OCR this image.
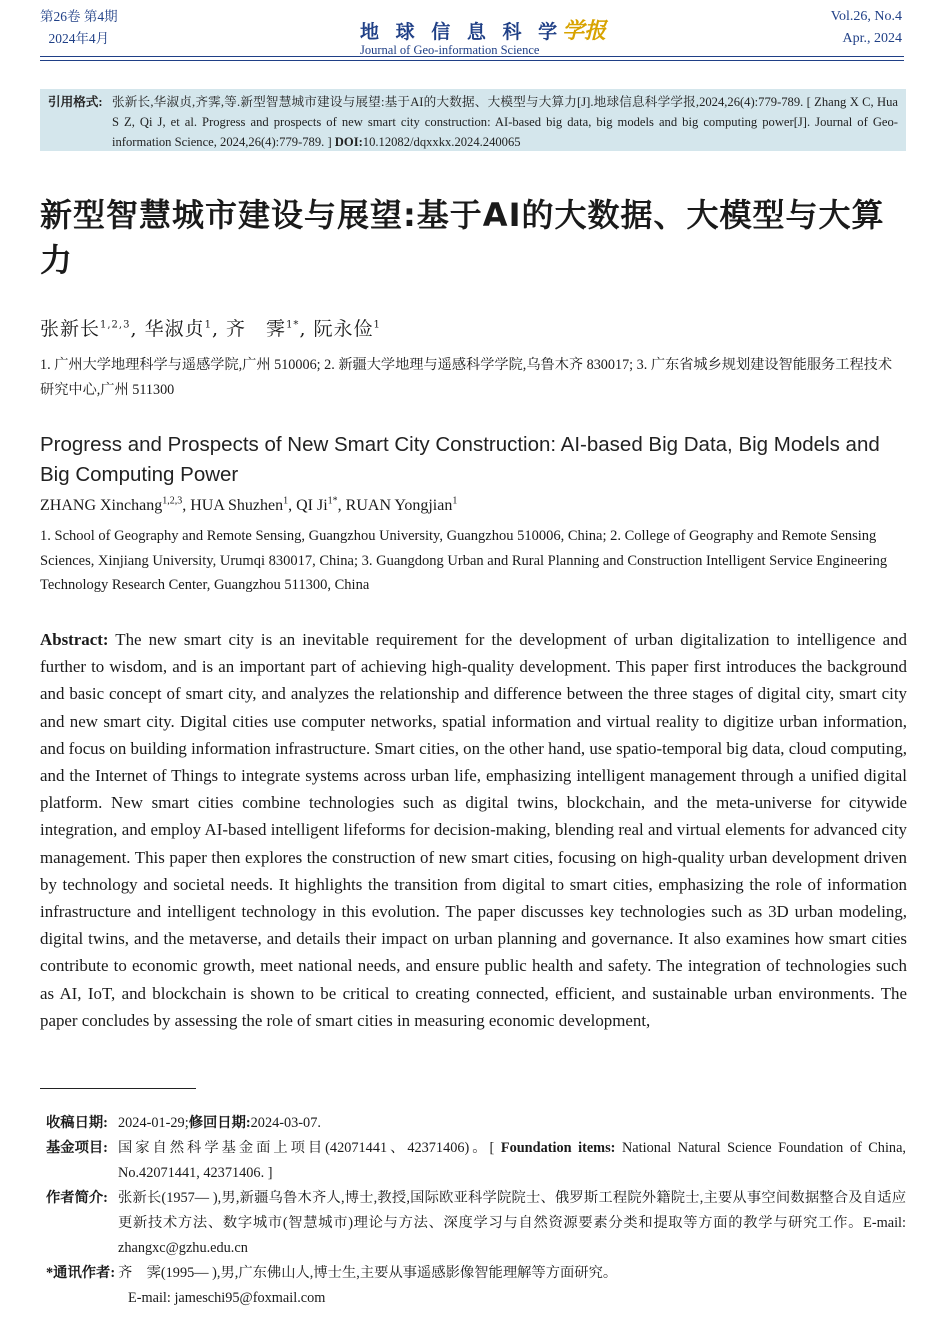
第26卷 第4期
2024年4月	地 球 信 息 科 学学报
Journal of Geo-information Science
Vol.26, No.4
Apr., 2024
引用格式: 张新长,华淑贞,齐霁,等.新型智慧城市建设与展望:基于AI的大数据、大模型与大算力[J].地球信息科学学报,2024,26(4):779-789. [ Zhang X C, Hua S Z, Qi J, et al. Progress and prospects of new smart city construction: AI-based big data, big models and big computing power[J]. Journal of Geo-information Science, 2024,26(4):779-789. ] DOI:10.12082/dqxxkx.2024.240065
新型智慧城市建设与展望:基于AI的大数据、大模型与大算力
张新长$^{1,2,3}$, 华淑贞$^1$, 齐　霁$^{1*}$, 阮永俭$^1$
1. 广州大学地理科学与遥感学院,广州 510006; 2. 新疆大学地理与遥感科学学院,乌鲁木齐 830017; 3. 广东省城乡规划建设智能服务工程技术研究中心,广州 511300
Progress and Prospects of New Smart City Construction: AI-based Big Data, Big Models and Big Computing Power
ZHANG Xinchang$^{1,2,3}$, HUA Shuzhen$^1$, QI $Ji^{1*}$, RUAN Yongjian$^1$
1. School of Geography and Remote Sensing, Guangzhou University, Guangzhou 510006, China; 2. College of Geography and Remote Sensing Sciences, Xinjiang University, Urumqi 830017, China; 3. Guangdong Urban and Rural Planning and Construction Intelligent Service Engineering Technology Research Center, Guangzhou 511300, China
Abstract: The new smart city is an inevitable requirement for the development of urban digitalization to intelligence and further to wisdom, and is an important part of achieving high-quality development. This paper first introduces the background and basic concept of smart city, and analyzes the relationship and difference between the three stages of digital city, smart city and new smart city. Digital cities use computer networks, spatial information and virtual reality to digitize urban information, and focus on building information infrastructure. Smart cities, on the other hand, use spatio-temporal big data, cloud computing, and the Internet of Things to integrate systems across urban life, emphasizing intelligent management through a unified digital platform. New smart cities combine technologies such as digital twins, blockchain, and the meta-universe for citywide integration, and employ AI-based intelligent lifeforms for decision-making, blending real and virtual elements for advanced city management. This paper then explores the construction of new smart cities, focusing on high-quality urban development driven by technology and societal needs. It highlights the transition from digital to smart cities, emphasizing the role of information infrastructure and intelligent technology in this evolution. The paper discusses key technologies such as 3D urban modeling, digital twins, and the metaverse, and details their impact on urban planning and governance. It also examines how smart cities contribute to economic growth, meet national needs, and ensure public health and safety. The integration of technologies such as AI, IoT, and blockchain is shown to be critical to creating connected, efficient, and sustainable urban environments. The paper concludes by assessing the role of smart cities in measuring economic development,
收稿日期: 2024-01-29;修回日期:2024-03-07.
基金项目: 国家自然科学基金面上项目(42071441、42371406)。[ Foundation items: National Natural Science Foundation of China, No.42071441, 42371406. ]
作者简介: 张新长(1957— ),男,新疆乌鲁木齐人,博士,教授,国际欧亚科学院院士、俄罗斯工程院外籍院士,主要从事空间数据整合及自适应更新技术方法、数字城市(智慧城市)理论与方法、深度学习与自然资源要素分类和提取等方面的教学与研究工作。E-mail: zhangxc@gzhu.edu.cn
*通讯作者: 齐　霁(1995— ),男,广东佛山人,博士生,主要从事遥感影像智能理解等方面研究。
E-mail: jameschi95@foxmail.com
